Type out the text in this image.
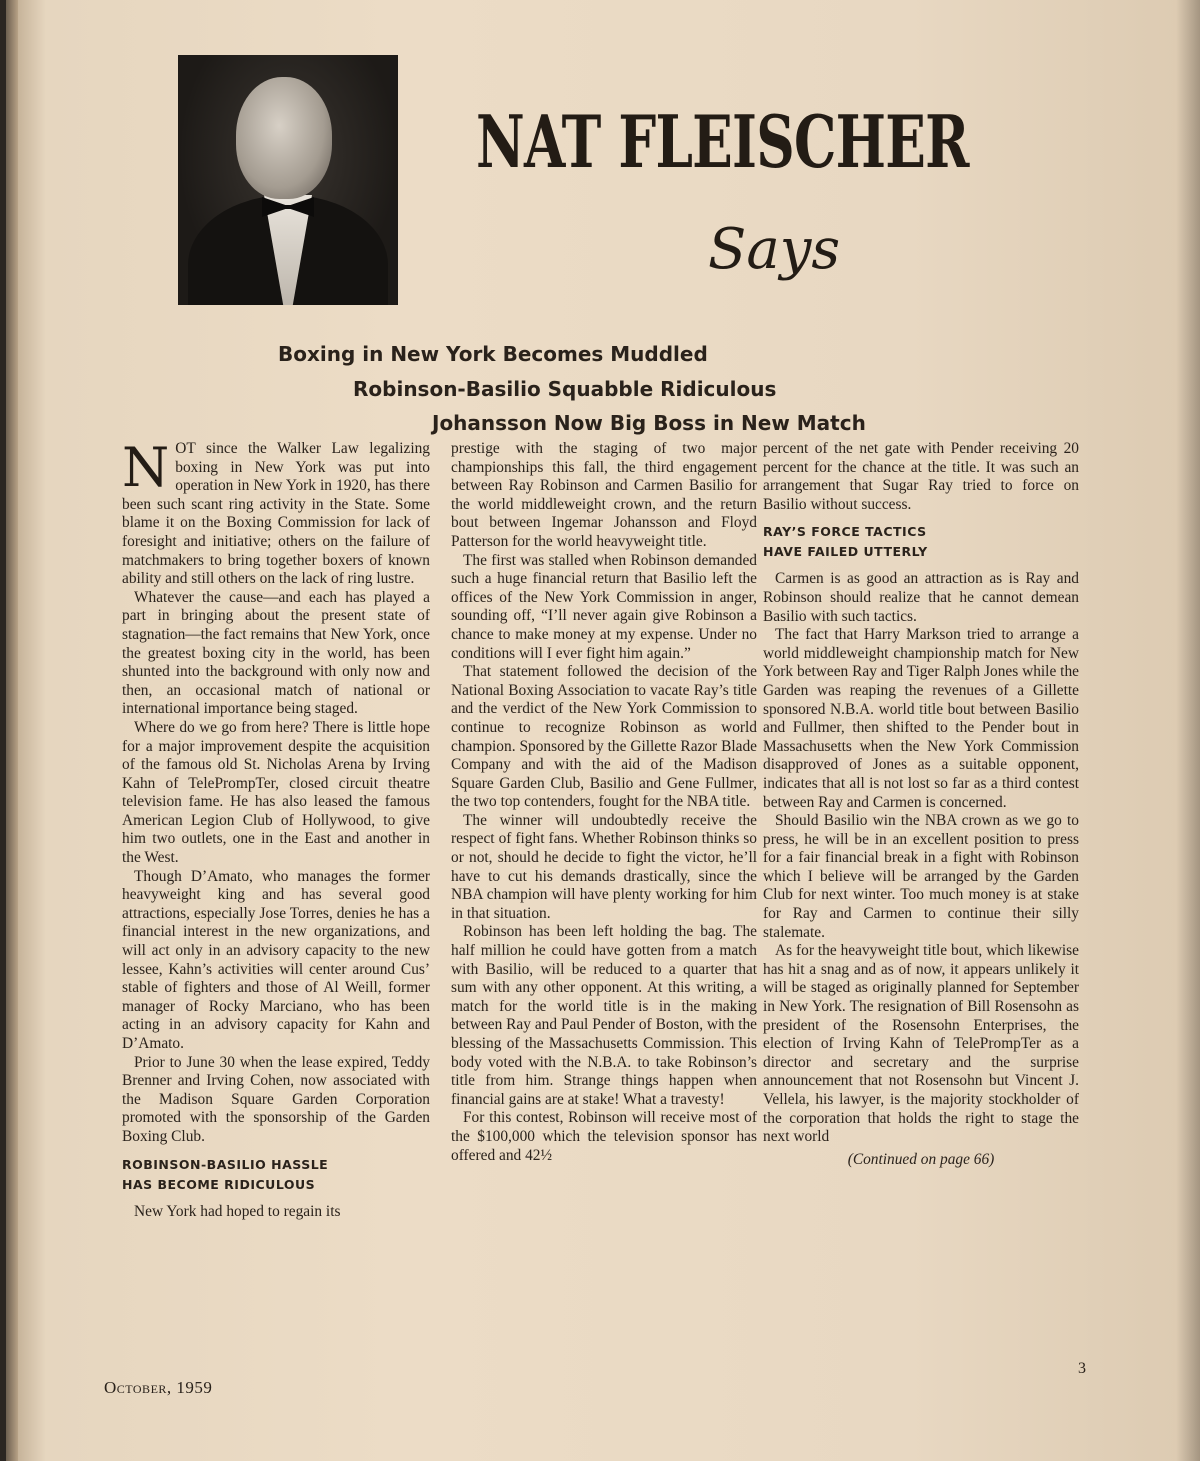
NAT FLEISCHER
Says
Boxing in New York Becomes Muddled
Robinson-Basilio Squabble Ridiculous
Johansson Now Big Boss in New Match

NOT since the Walker Law legalizing boxing in New York was put into operation in New York in 1920, has there been such scant ring activity in the State. Some blame it on the Boxing Commission for lack of foresight and initiative; others on the failure of matchmakers to bring together boxers of known ability and still others on the lack of ring lustre.

Whatever the cause—and each has played a part in bringing about the present state of stagnation—the fact remains that New York, once the greatest boxing city in the world, has been shunted into the background with only now and then, an occasional match of national or international importance being staged.

Where do we go from here? There is little hope for a major improvement despite the acquisition of the famous old St. Nicholas Arena by Irving Kahn of TelePrompTer, closed circuit theatre television fame. He has also leased the famous American Legion Club of Hollywood, to give him two outlets, one in the East and another in the West.

Though D’Amato, who manages the former heavyweight king and has several good attractions, especially Jose Torres, denies he has a financial interest in the new organizations, and will act only in an advisory capacity to the new lessee, Kahn’s activities will center around Cus’ stable of fighters and those of Al Weill, former manager of Rocky Marciano, who has been acting in an advisory capacity for Kahn and D’Amato.

Prior to June 30 when the lease expired, Teddy Brenner and Irving Cohen, now associated with the Madison Square Garden Corporation promoted with the sponsorship of the Garden Boxing Club.

ROBINSON-BASILIO HASSLE
HAS BECOME RIDICULOUS

New York had hoped to regain its

prestige with the staging of two major championships this fall, the third engagement between Ray Robinson and Carmen Basilio for the world middleweight crown, and the return bout between Ingemar Johansson and Floyd Patterson for the world heavyweight title.

The first was stalled when Robinson demanded such a huge financial return that Basilio left the offices of the New York Commission in anger, sounding off, “I’ll never again give Robinson a chance to make money at my expense. Under no conditions will I ever fight him again.”

That statement followed the decision of the National Boxing Association to vacate Ray’s title and the verdict of the New York Commission to continue to recognize Robinson as world champion. Sponsored by the Gillette Razor Blade Company and with the aid of the Madison Square Garden Club, Basilio and Gene Fullmer, the two top contenders, fought for the NBA title.

The winner will undoubtedly receive the respect of fight fans. Whether Robinson thinks so or not, should he decide to fight the victor, he’ll have to cut his demands drastically, since the NBA champion will have plenty working for him in that situation.

Robinson has been left holding the bag. The half million he could have gotten from a match with Basilio, will be reduced to a quarter that sum with any other opponent. At this writing, a match for the world title is in the making between Ray and Paul Pender of Boston, with the blessing of the Massachusetts Commission. This body voted with the N.B.A. to take Robinson’s title from him. Strange things happen when financial gains are at stake! What a travesty!

For this contest, Robinson will receive most of the $100,000 which the television sponsor has offered and 42½

percent of the net gate with Pender receiving 20 percent for the chance at the title. It was such an arrangement that Sugar Ray tried to force on Basilio without success.

RAY’S FORCE TACTICS
HAVE FAILED UTTERLY

Carmen is as good an attraction as is Ray and Robinson should realize that he cannot demean Basilio with such tactics.

The fact that Harry Markson tried to arrange a world middleweight championship match for New York between Ray and Tiger Ralph Jones while the Garden was reaping the revenues of a Gillette sponsored N.B.A. world title bout between Basilio and Fullmer, then shifted to the Pender bout in Massachusetts when the New York Commission disapproved of Jones as a suitable opponent, indicates that all is not lost so far as a third contest between Ray and Carmen is concerned.

Should Basilio win the NBA crown as we go to press, he will be in an excellent position to press for a fair financial break in a fight with Robinson which I believe will be arranged by the Garden Club for next winter. Too much money is at stake for Ray and Carmen to continue their silly stalemate.

As for the heavyweight title bout, which likewise has hit a snag and as of now, it appears unlikely it will be staged as originally planned for September in New York. The resignation of Bill Rosensohn as president of the Rosensohn Enterprises, the election of Irving Kahn of TelePrompTer as a director and secretary and the surprise announcement that not Rosensohn but Vincent J. Vellela, his lawyer, is the majority stockholder of the corporation that holds the right to stage the next world

(Continued on page 66)
October, 1959
3
